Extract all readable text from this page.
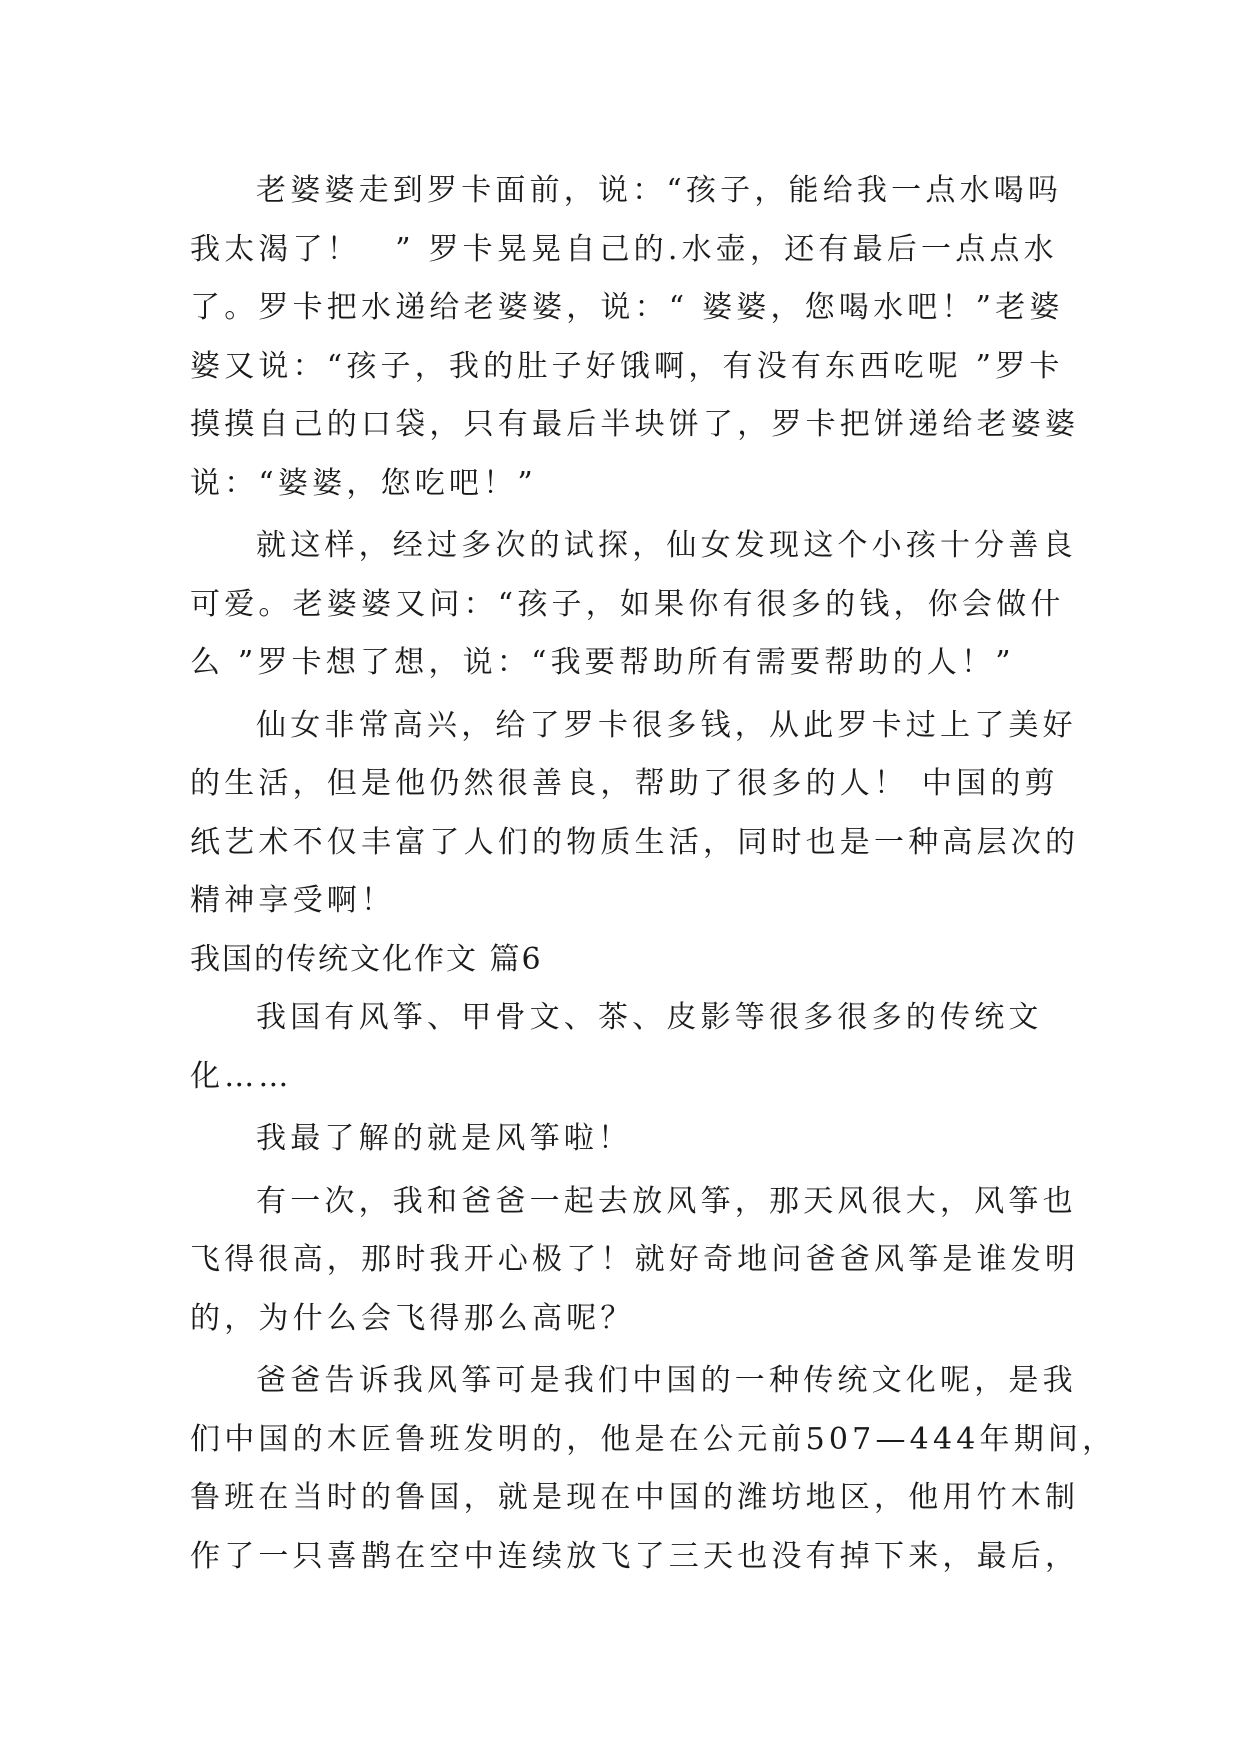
老婆婆走到罗卡面前，说：“孩子，能给我一点水喝吗
我太渴了！　” 罗卡晃晃自己的.水壶，还有最后一点点水
了。罗卡把水递给老婆婆，说：“ 婆婆，您喝水吧！”老婆
婆又说：“孩子，我的肚子好饿啊，有没有东西吃呢 ”罗卡
摸摸自己的口袋，只有最后半块饼了，罗卡把饼递给老婆婆
说：“婆婆，您吃吧！”
就这样，经过多次的试探，仙女发现这个小孩十分善良
可爱。老婆婆又问：“孩子，如果你有很多的钱，你会做什
么 ”罗卡想了想，说：“我要帮助所有需要帮助的人！”
仙女非常高兴，给了罗卡很多钱，从此罗卡过上了美好
的生活，但是他仍然很善良，帮助了很多的人！ 中国的剪
纸艺术不仅丰富了人们的物质生活，同时也是一种高层次的
精神享受啊！
我国的传统文化作文 篇6
我国有风筝、甲骨文、茶、皮影等很多很多的传统文
化……
我最了解的就是风筝啦！
有一次，我和爸爸一起去放风筝，那天风很大，风筝也
飞得很高，那时我开心极了！就好奇地问爸爸风筝是谁发明
的，为什么会飞得那么高呢？
爸爸告诉我风筝可是我们中国的一种传统文化呢，是我
们中国的木匠鲁班发明的，他是在公元前507—444年期间，
鲁班在当时的鲁国，就是现在中国的潍坊地区，他用竹木制
作了一只喜鹊在空中连续放飞了三天也没有掉下来，最后，
